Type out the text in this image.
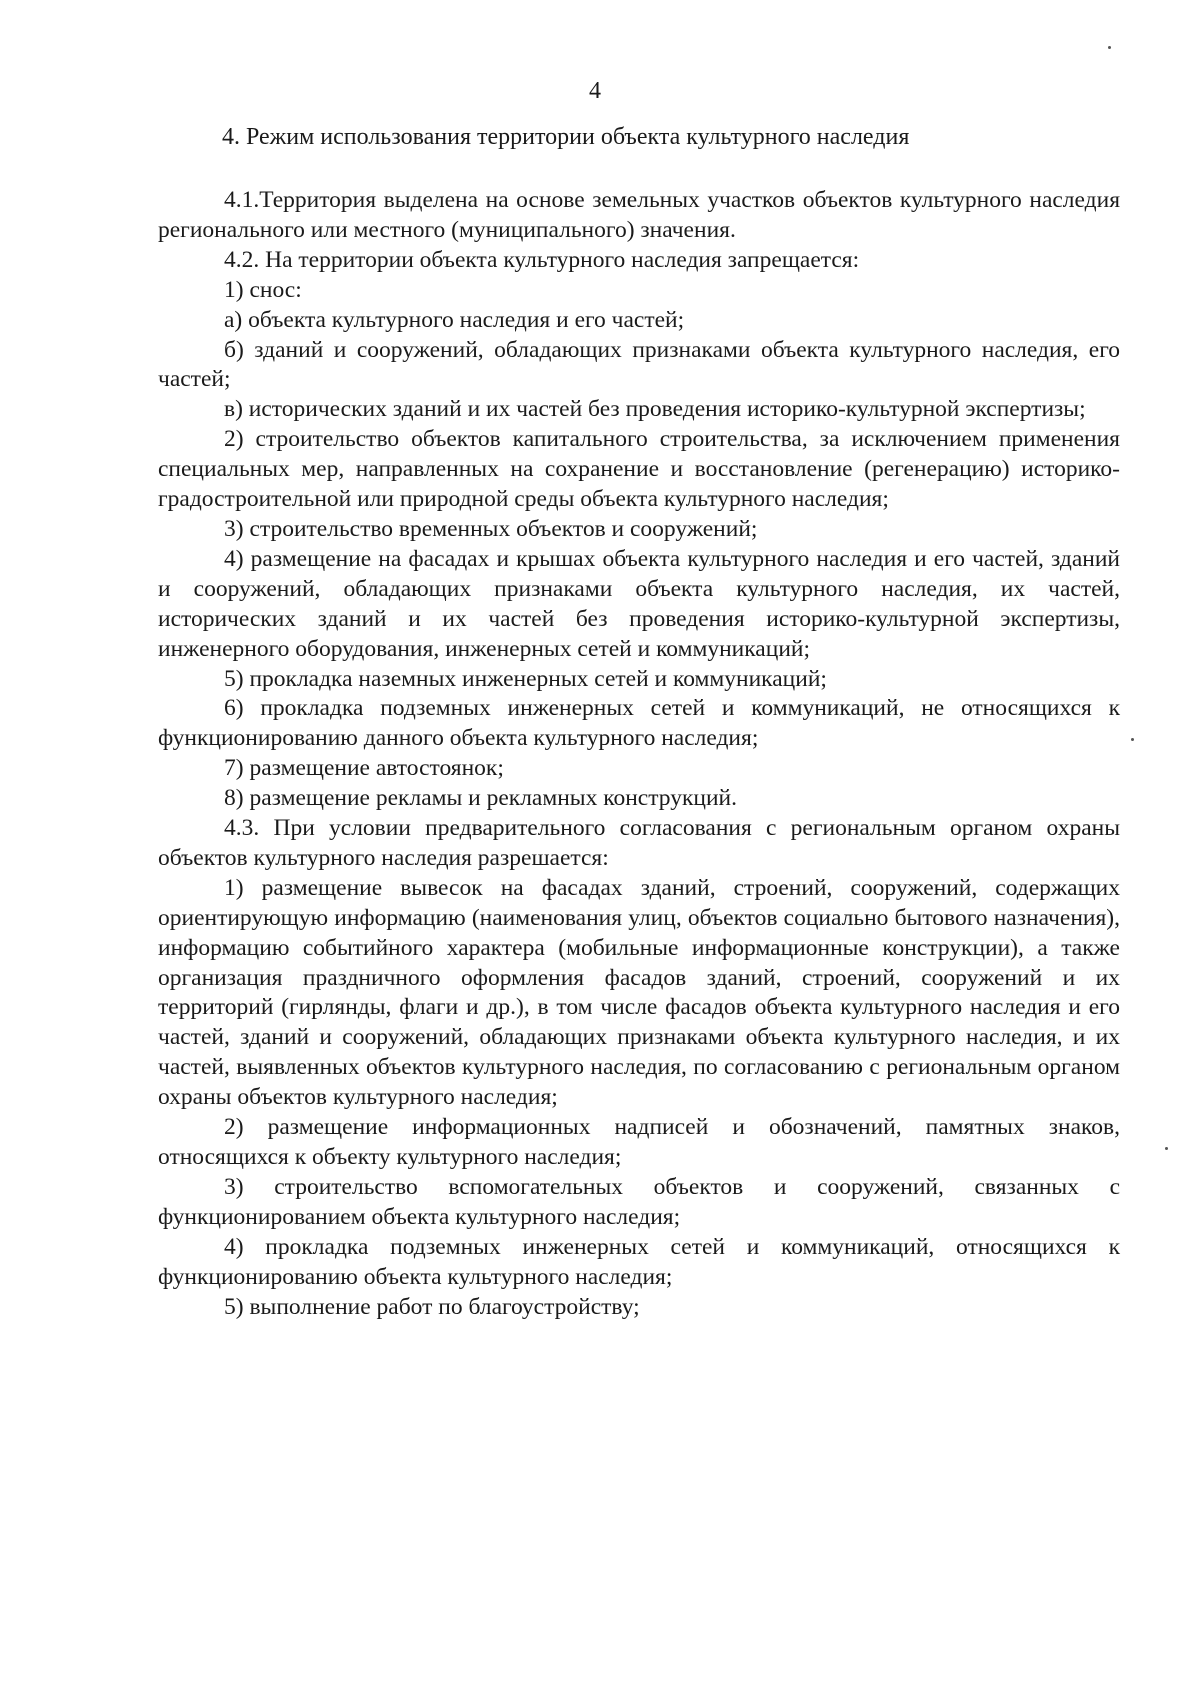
4
4. Режим использования территории объекта культурного наследия

4.1.Территория выделена на основе земельных участков объектов культурного наследия регионального или местного (муниципального) значения.

4.2. На территории объекта культурного наследия запрещается:

1) снос:

а) объекта культурного наследия и его частей;

б) зданий и сооружений, обладающих признаками объекта культурного наследия, его частей;

в) исторических зданий и их частей без проведения историко-культурной экспертизы;

2) строительство объектов капитального строительства, за исключением применения специальных мер, направленных на сохранение и восстановление (регенерацию) историко-градостроительной или природной среды объекта культурного наследия;

3) строительство временных объектов и сооружений;

4) размещение на фасадах и крышах объекта культурного наследия и его частей, зданий и сооружений, обладающих признаками объекта культурного наследия, их частей, исторических зданий и их частей без проведения историко-культурной экспертизы, инженерного оборудования, инженерных сетей и коммуникаций;

5) прокладка наземных инженерных сетей и коммуникаций;

6) прокладка подземных инженерных сетей и коммуникаций, не относящихся к функционированию данного объекта культурного наследия;

7) размещение автостоянок;

8) размещение рекламы и рекламных конструкций.

4.3. При условии предварительного согласования с региональным органом охраны объектов культурного наследия разрешается:

1) размещение вывесок на фасадах зданий, строений, сооружений, содержащих ориентирующую информацию (наименования улиц, объектов социально бытового назначения), информацию событийного характера (мобильные информационные конструкции), а также организация праздничного оформления фасадов зданий, строений, сооружений и их территорий (гирлянды, флаги и др.), в том числе фасадов объекта культурного наследия и его частей, зданий и сооружений, обладающих признаками объекта культурного наследия, и их частей, выявленных объектов культурного наследия, по согласованию с региональным органом охраны объектов культурного наследия;

2) размещение информационных надписей и обозначений, памятных знаков, относящихся к объекту культурного наследия;

3) строительство вспомогательных объектов и сооружений, связанных с функционированием объекта культурного наследия;

4) прокладка подземных инженерных сетей и коммуникаций, относящихся к функционированию объекта культурного наследия;

5) выполнение работ по благоустройству;
